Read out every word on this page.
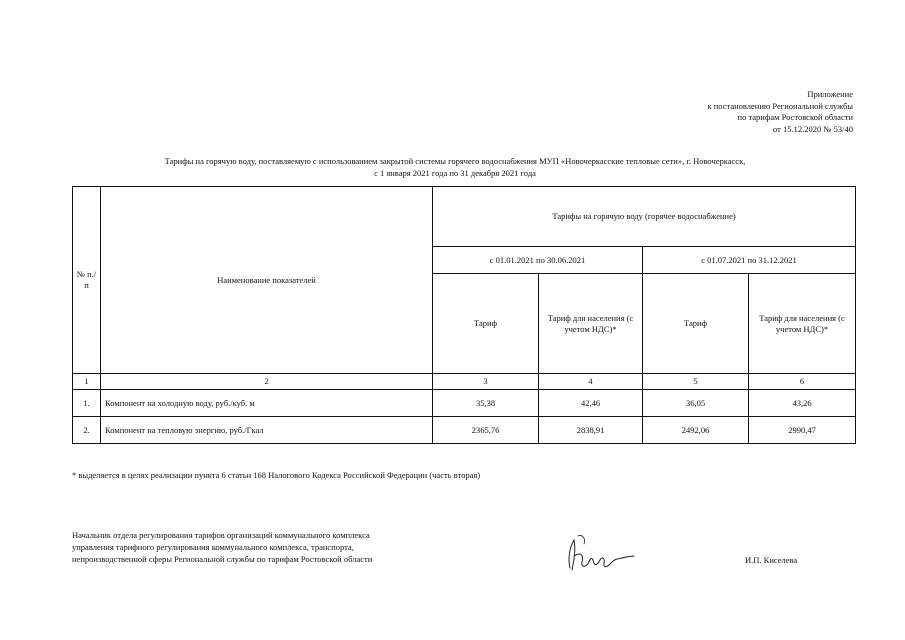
Приложение
к постановлению Региональной службы
по тарифам Ростовской области
от 15.12.2020 № 53/40
Тарифы на горячую воду, поставляемую с использованием закрытой системы горячего водоснабжения МУП «Новочеркасские тепловые сети», г. Новочеркасск,
с 1 января 2021 года по 31 декабря 2021 года
№ п./п	Наименование показателей	Тарифы на горячую воду (горячее водоснабжение)			
		с 01.01.2021 по 30.06.2021		с 01.07.2021 по 31.12.2021	
		Тариф	Тариф для населения (с учетом НДС)*	Тариф	Тариф для населения (с учетом НДС)*
1	2	3	4	5	6
1.	Компонент на холодную воду, руб./куб. м	35,38	42,46	36,05	43,26
2.	Компонент на тепловую энергию, руб./Гкал	2365,76	2838,91	2492,06	2990,47
* выделяется в целях реализации пункта 6 статьи 168 Налогового Кодекса Российской Федерации (часть вторая)
Начальник отдела регулирования тарифов организаций коммунального комплекса
управления тарифного регулирования коммунального комплекса, транспорта,
непроизводственной сферы Региональной службы по тарифам Ростовской области	И.П. Киселева
